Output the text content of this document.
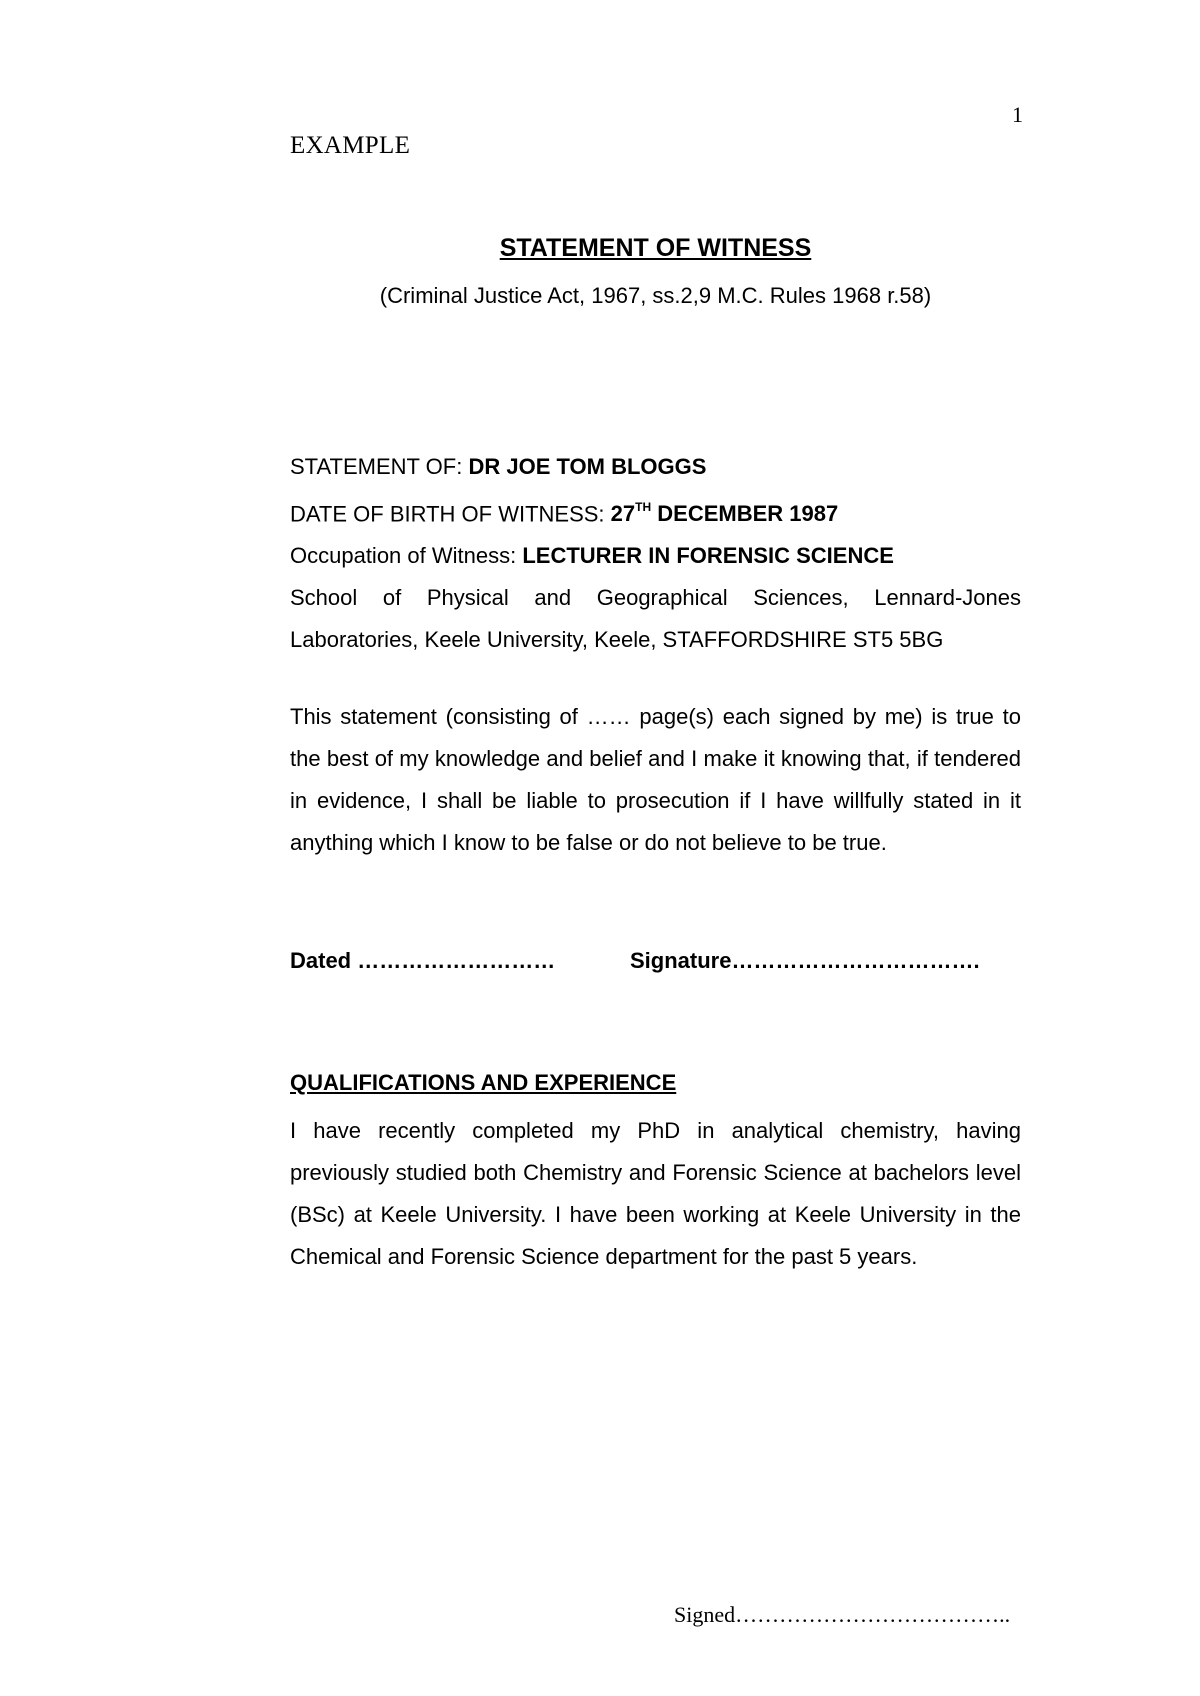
1
EXAMPLE
STATEMENT OF WITNESS
(Criminal Justice Act, 1967, ss.2,9 M.C. Rules 1968 r.58)
STATEMENT OF: DR JOE TOM BLOGGS
DATE OF BIRTH OF WITNESS: 27TH DECEMBER 1987
Occupation of Witness: LECTURER IN FORENSIC SCIENCE
School of Physical and Geographical Sciences, Lennard-Jones
Laboratories, Keele University, Keele, STAFFORDSHIRE ST5 5BG
This statement (consisting of …… page(s) each signed by me) is true to the best of my knowledge and belief and I make it knowing that, if tendered in evidence, I shall be liable to prosecution if I have willfully stated in it anything which I know to be false or do not believe to be true.
Dated ………………………	Signature…………………………….
QUALIFICATIONS AND EXPERIENCE
I have recently completed my PhD in analytical chemistry, having previously studied both Chemistry and Forensic Science at bachelors level (BSc) at Keele University. I have been working at Keele University in the Chemical and Forensic Science department for the past 5 years.
Signed………………………………..
